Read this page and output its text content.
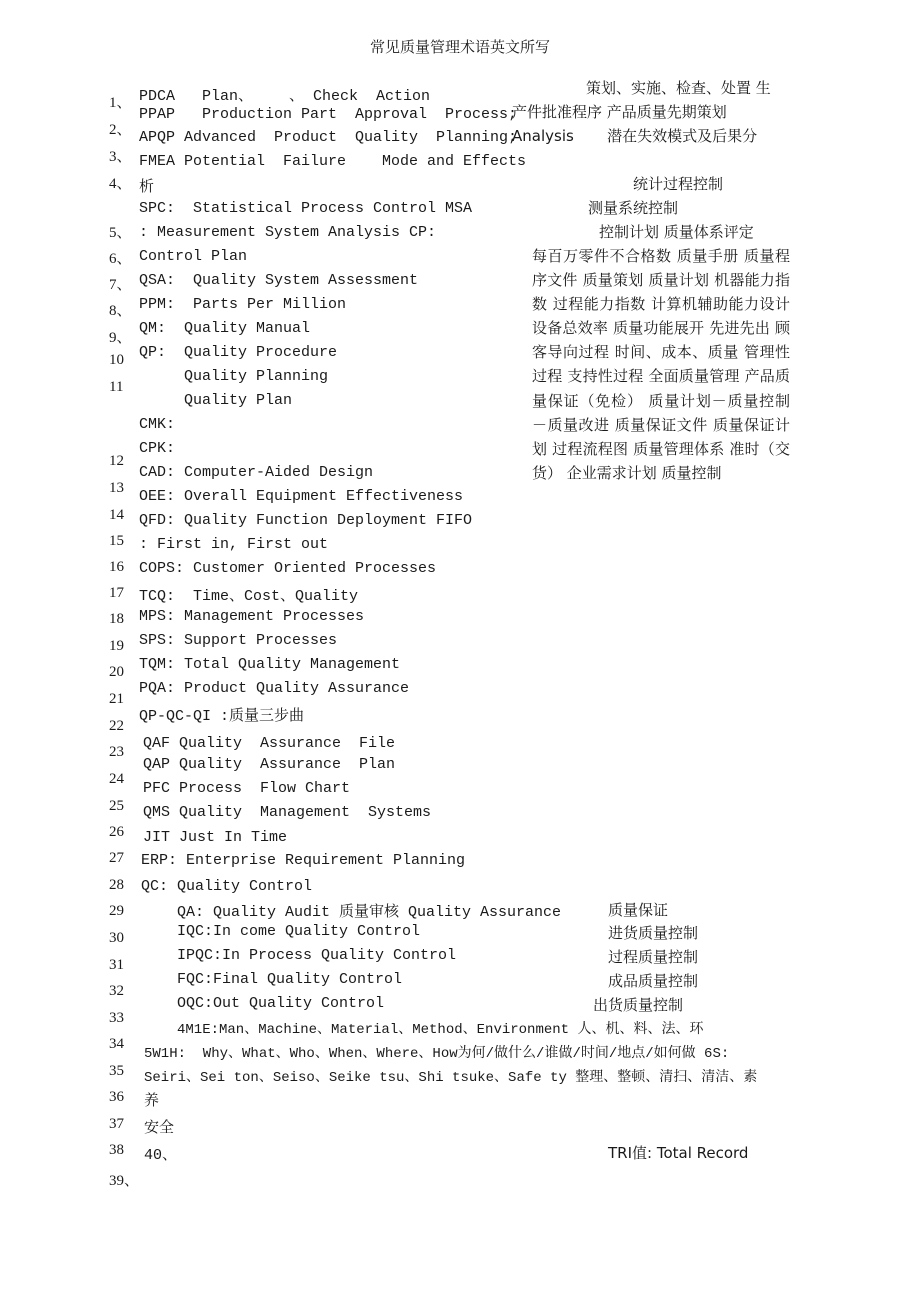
常见质量管理术语英文所写
1、
2、
3、
4、
5、
6、
7、
8、
9、
10
11
12
13
14
15
16
17
18
19
20
21
22
23
24
25
26
27
28
29
30
31
32
33
34
35
36
37
38
39、
PDCA   Plan、    、 Check  Action
PPAP   Production Part  Approval  Process;
APQP Advanced  Product  Quality  Planning;
FMEA Potential  Failure    Mode and Effects
析
SPC:  Statistical Process Control MSA
: Measurement System Analysis CP:
Control Plan
QSA:  Quality System Assessment
PPM:  Parts Per Million
QM:  Quality Manual
QP:  Quality Procedure
Quality Planning
Quality Plan
CMK:
CPK:
CAD: Computer-Aided Design
OEE: Overall Equipment Effectiveness
QFD: Quality Function Deployment FIFO
: First in, First out
COPS: Customer Oriented Processes
TCQ:  Time、Cost、Quality
MPS: Management Processes
SPS: Support Processes
TQM: Total Quality Management
PQA: Product Quality Assurance
QP-QC-QI :质量三步曲
QAF Quality  Assurance  File
QAP Quality  Assurance  Plan
PFC Process  Flow Chart
QMS Quality  Management  Systems
JIT Just In Time
ERP: Enterprise Requirement Planning
QC: Quality Control
QA: Quality Audit 质量审核 Quality Assurance
IQC:In come Quality Control
IPQC:In Process Quality Control
FQC:Final Quality Control
OQC:Out Quality Control
4M1E:Man、Machine、Material、Method、Environment 人、机、料、法、环
5W1H:  Why、What、Who、When、Where、How为何/做什么/谁做/时间/地点/如何做 6S:
Seiri、Sei ton、Seiso、Seike tsu、Shi tsuke、Safe ty 整理、整顿、清扫、清洁、素
养
安全
40、
策划、实施、检查、处置 生
产件批准程序 产品质量先期策划
Analysis       潜在失效模式及后果分
统计过程控制
测量系统控制
控制计划 质量体系评定
每百万零件不合格数 质量手册 质量程序文件 质量策划 质量计划 机器能力指数 过程能力指数 计算机辅助能力设计 设备总效率 质量功能展开 先进先出 顾客导向过程 时间、成本、质量 管理性过程 支持性过程 全面质量管理 产品质量保证（免检） 质量计划－质量控制－质量改进 质量保证文件 质量保证计划 过程流程图 质量管理体系 准时（交货） 企业需求计划 质量控制
质量保证
进货质量控制
过程质量控制
成品质量控制
出货质量控制
TRI值: Total Record
